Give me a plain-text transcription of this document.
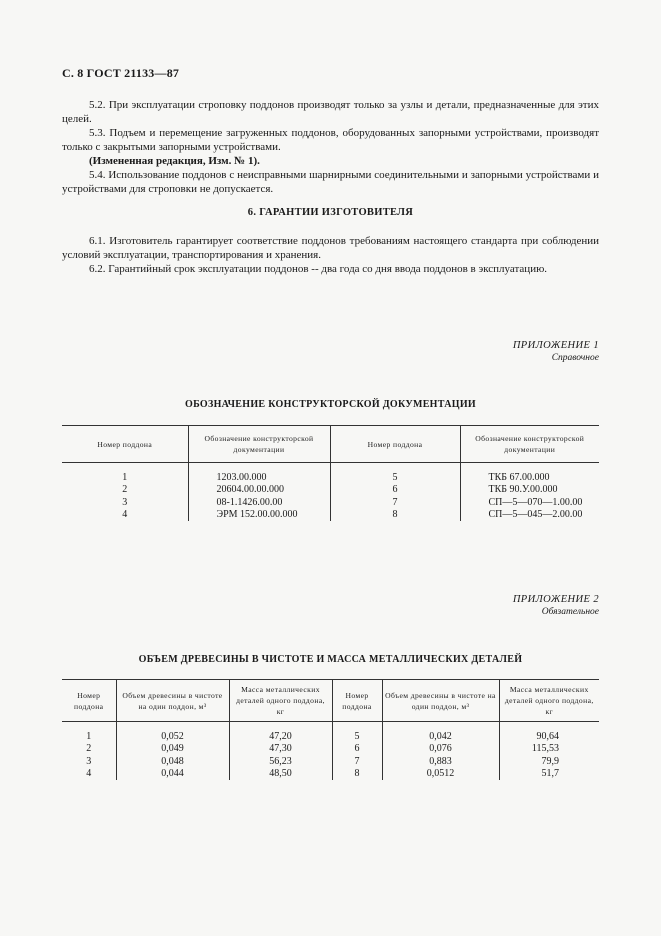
С. 8 ГОСТ 21133—87
5.2. При эксплуатации строповку поддонов производят только за узлы и детали, предназначенные для этих целей.
5.3. Подъем и перемещение загруженных поддонов, оборудованных запорными устройствами, производят только с закрытыми запорными устройствами.
(Измененная редакция, Изм. № 1).
5.4. Использование поддонов с неисправными шарнирными соединительными и запорными устройствами и устройствами для строповки не допускается.
6. ГАРАНТИИ ИЗГОТОВИТЕЛЯ
6.1. Изготовитель гарантирует соответствие поддонов требованиям настоящего стандарта при соблюдении условий эксплуатации, транспортирования и хранения.
6.2. Гарантийный срок эксплуатации поддонов -- два года со дня ввода поддонов в эксплуатацию.
ПРИЛОЖЕНИЕ 1
Справочное
ОБОЗНАЧЕНИЕ КОНСТРУКТОРСКОЙ ДОКУМЕНТАЦИИ
Номер поддона	Обозначение конструкторской документации	Номер поддона	Обозначение конструкторской документации
1	1203.00.000	5	ТКБ 67.00.000
2	20604.00.00.000	6	ТКБ 90.У.00.000
3	08-1.1426.00.00	7	СП—5—070—1.00.00
4	ЭРМ 152.00.00.000	8	СП—5—045—2.00.00
ПРИЛОЖЕНИЕ 2
Обязательное
ОБЪЕМ ДРЕВЕСИНЫ В ЧИСТОТЕ И МАССА МЕТАЛЛИЧЕСКИХ ДЕТАЛЕЙ
Номер поддона	Объем древесины в чистоте на один поддон, м³	Масса металлических деталей одного поддона, кг	Номер поддона	Объем древесины в чистоте на один поддон, м³	Масса металлических деталей одного поддона, кг
1	0,052	47,20	5	0,042	90,64
2	0,049	47,30	6	0,076	115,53
3	0,048	56,23	7	0,883	79,9
4	0,044	48,50	8	0,0512	51,7
